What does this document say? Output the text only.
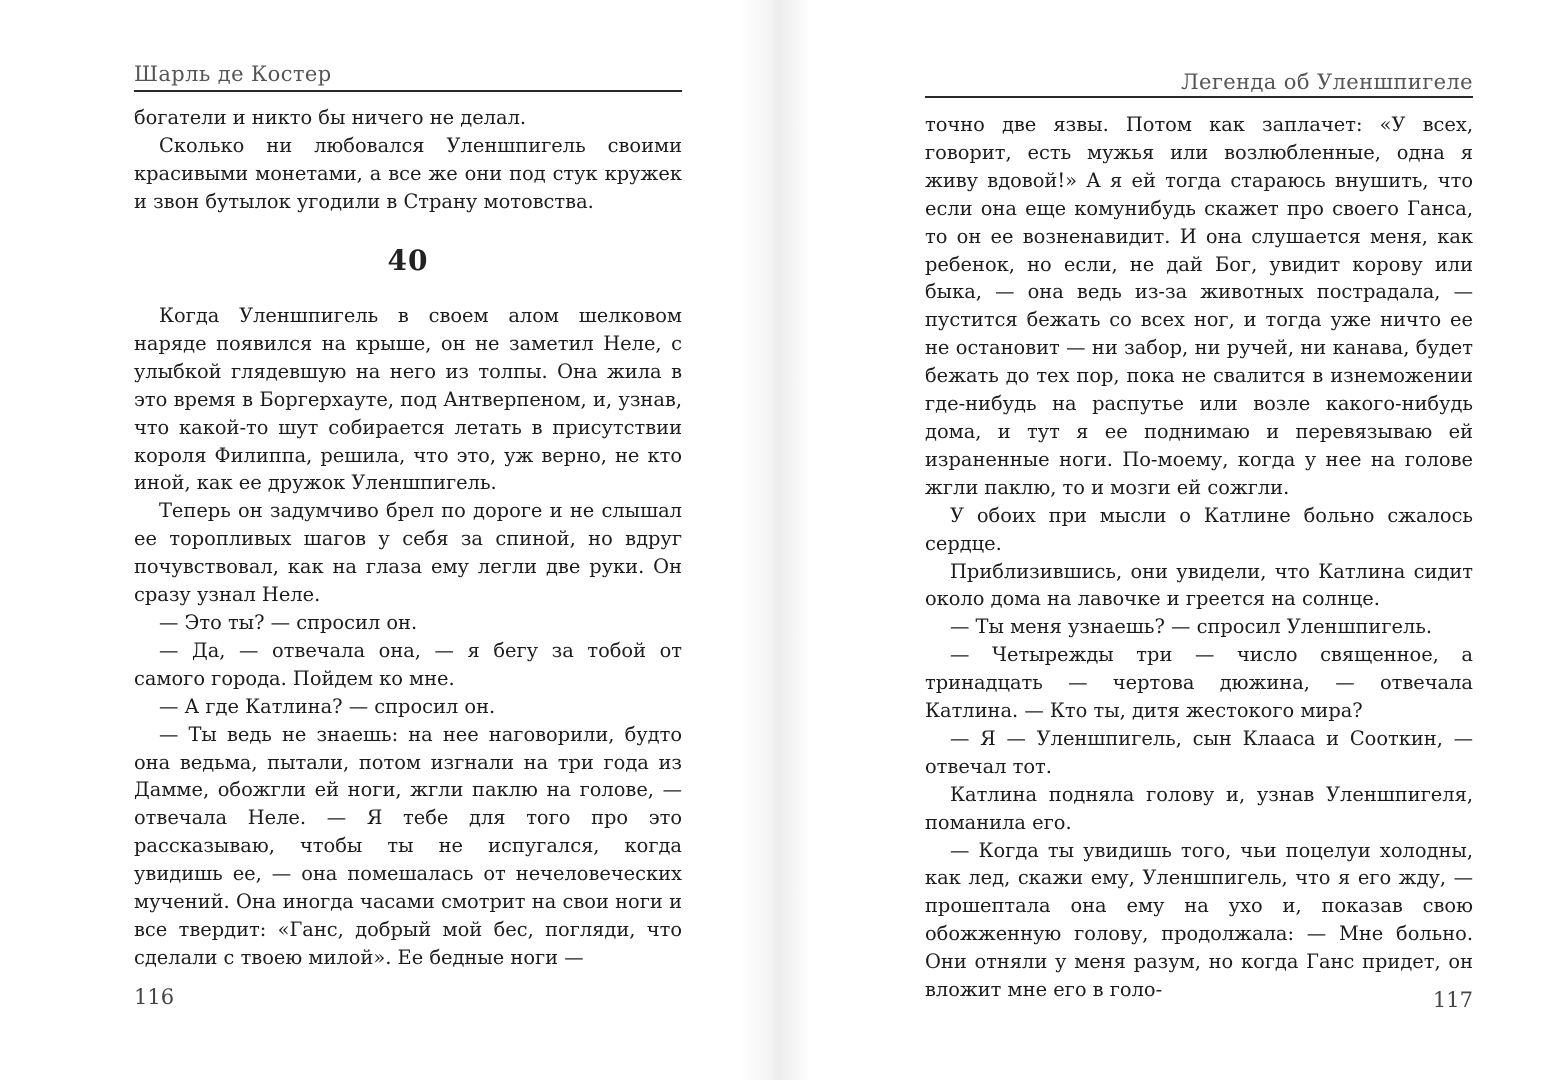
Шарль де Костер

богатели и никто бы ничего не делал.

Сколько ни любовался Уленшпигель своими красивыми монетами, а все же они под стук кружек и звон бутылок угодили в Страну мотовства.

40

Когда Уленшпигель в своем алом шелковом наряде появился на крыше, он не заметил Неле, с улыбкой глядевшую на него из толпы. Она жила в это время в Боргерхауте, под Антверпеном, и, узнав, что какой-то шут собирается летать в присутствии короля Филиппа, решила, что это, уж верно, не кто иной, как ее дружок Уленшпигель.

Теперь он задумчиво брел по дороге и не слышал ее торопливых шагов у себя за спиной, но вдруг почувствовал, как на глаза ему легли две руки. Он сразу узнал Неле.

— Это ты? — спросил он.

— Да, — отвечала она, — я бегу за тобой от самого города. Пойдем ко мне.

— А где Катлина? — спросил он.

— Ты ведь не знаешь: на нее наговорили, будто она ведьма, пытали, потом изгнали на три года из Дамме, обожгли ей ноги, жгли паклю на голове, — отвечала Неле. — Я тебе для того про это рассказываю, чтобы ты не испугался, когда увидишь ее, — она помешалась от нечеловеческих мучений. Она иногда часами смотрит на свои ноги и все твердит: «Ганс, добрый мой бес, погляди, что сделали с твоею милой». Ее бедные ноги —

116
Легенда об Уленшпигеле

точно две язвы. Потом как заплачет: «У всех, говорит, есть мужья или возлюбленные, одна я живу вдовой!» А я ей тогда стараюсь внушить, что если она еще комунибудь скажет про своего Ганса, то он ее возненавидит. И она слушается меня, как ребенок, но если, не дай Бог, увидит корову или быка, — она ведь из-за животных пострадала, — пустится бежать со всех ног, и тогда уже ничто ее не остановит — ни забор, ни ручей, ни канава, будет бежать до тех пор, пока не свалится в изнеможении где-нибудь на распутье или возле какого-нибудь дома, и тут я ее поднимаю и перевязываю ей израненные ноги. По-моему, когда у нее на голове жгли паклю, то и мозги ей сожгли.

У обоих при мысли о Катлине больно сжалось сердце.

Приблизившись, они увидели, что Катлина сидит около дома на лавочке и греется на солнце.

— Ты меня узнаешь? — спросил Уленшпигель.

— Четырежды три — число священное, а тринадцать — чертова дюжина, — отвечала Катлина. — Кто ты, дитя жестокого мира?

— Я — Уленшпигель, сын Клааса и Сооткин, — отвечал тот.

Катлина подняла голову и, узнав Уленшпигеля, поманила его.

— Когда ты увидишь того, чьи поцелуи холодны, как лед, скажи ему, Уленшпигель, что я его жду, — прошептала она ему на ухо и, показав свою обожженную голову, продолжала: — Мне больно. Они отняли у меня разум, но когда Ганс придет, он вложит мне его в голо-	117
